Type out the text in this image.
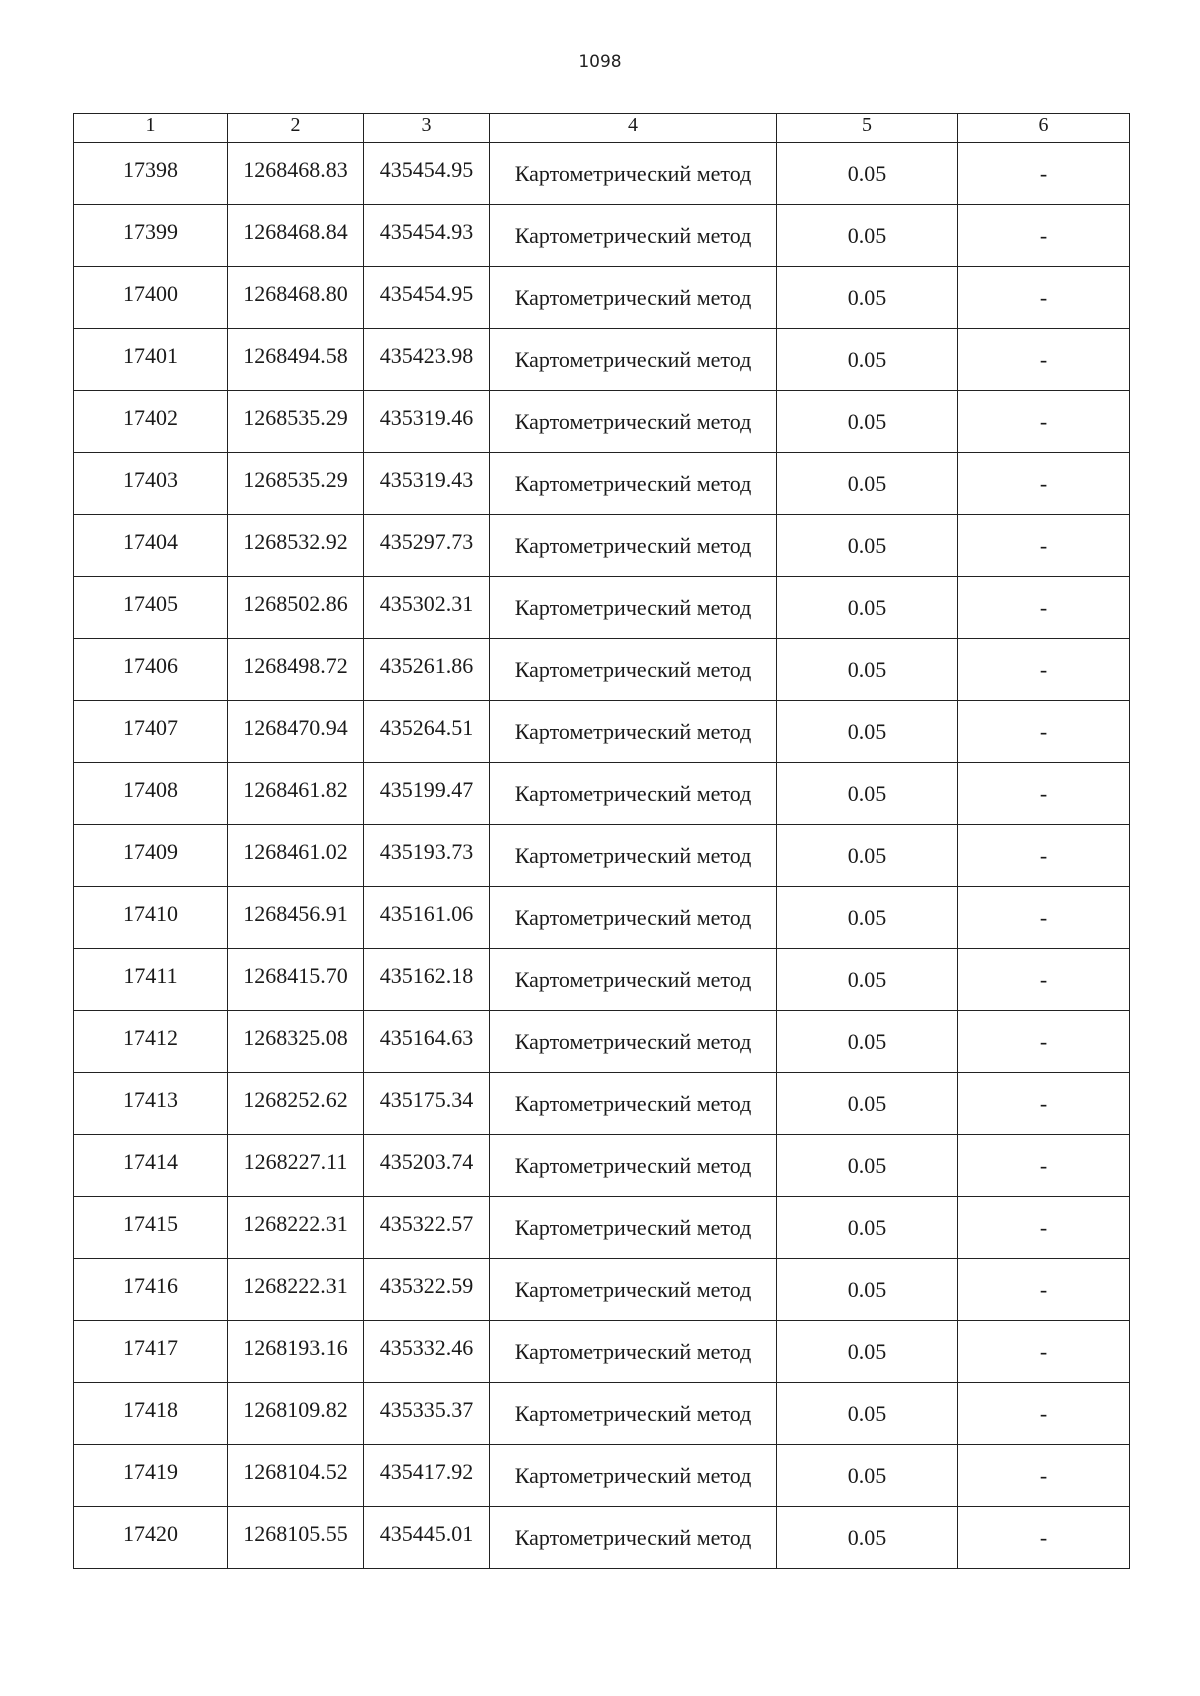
1098
1	2	3	4	5	6
17398	1268468.83	435454.95	Картометрический метод	0.05	-
17399	1268468.84	435454.93	Картометрический метод	0.05	-
17400	1268468.80	435454.95	Картометрический метод	0.05	-
17401	1268494.58	435423.98	Картометрический метод	0.05	-
17402	1268535.29	435319.46	Картометрический метод	0.05	-
17403	1268535.29	435319.43	Картометрический метод	0.05	-
17404	1268532.92	435297.73	Картометрический метод	0.05	-
17405	1268502.86	435302.31	Картометрический метод	0.05	-
17406	1268498.72	435261.86	Картометрический метод	0.05	-
17407	1268470.94	435264.51	Картометрический метод	0.05	-
17408	1268461.82	435199.47	Картометрический метод	0.05	-
17409	1268461.02	435193.73	Картометрический метод	0.05	-
17410	1268456.91	435161.06	Картометрический метод	0.05	-
17411	1268415.70	435162.18	Картометрический метод	0.05	-
17412	1268325.08	435164.63	Картометрический метод	0.05	-
17413	1268252.62	435175.34	Картометрический метод	0.05	-
17414	1268227.11	435203.74	Картометрический метод	0.05	-
17415	1268222.31	435322.57	Картометрический метод	0.05	-
17416	1268222.31	435322.59	Картометрический метод	0.05	-
17417	1268193.16	435332.46	Картометрический метод	0.05	-
17418	1268109.82	435335.37	Картометрический метод	0.05	-
17419	1268104.52	435417.92	Картометрический метод	0.05	-
17420	1268105.55	435445.01	Картометрический метод	0.05	-
